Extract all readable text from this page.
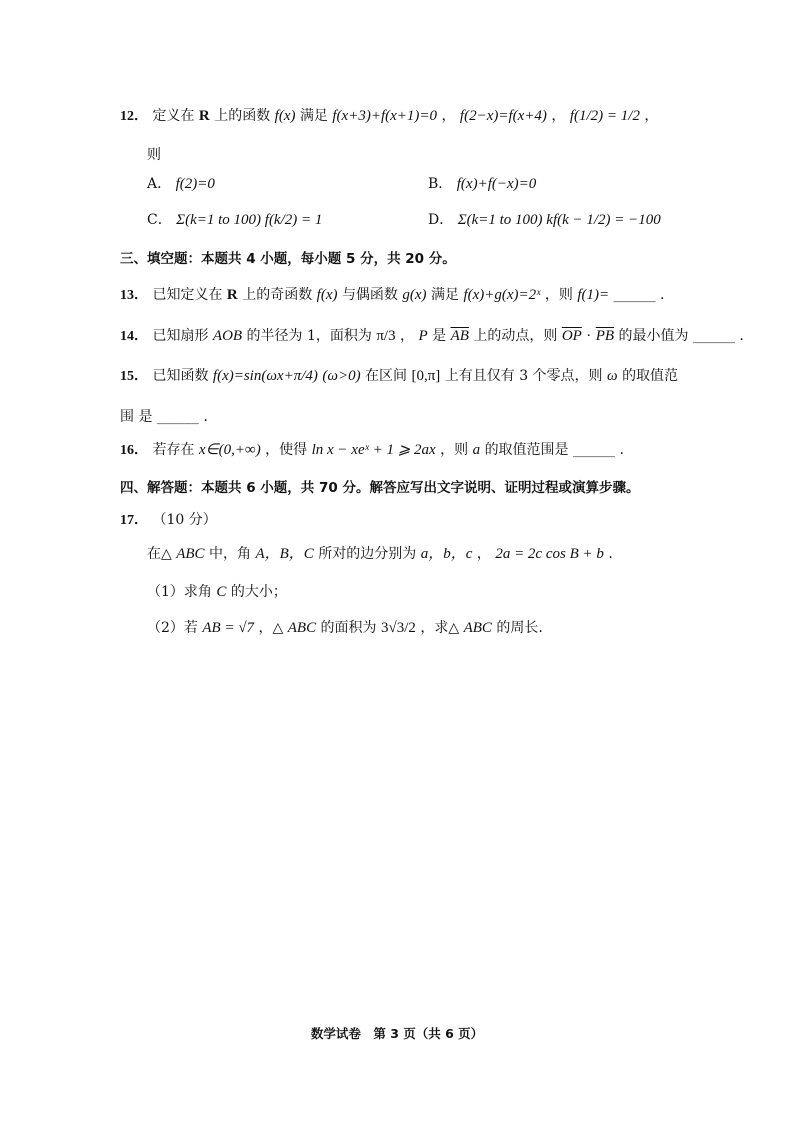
12． 定义在 R 上的函数 f(x) 满足 f(x+3)+f(x+1)=0 ， f(2−x)=f(x+4) ， f(1/2) = 1/2 ，
则
A． f(2)=0	B． f(x)+f(−x)=0
C． Σ(k=1 to 100) f(k/2) = 1	D． Σ(k=1 to 100) kf(k − 1/2) = −100
三、填空题：本题共 4 小题，每小题 5 分，共 20 分。
13． 已知定义在 R 上的奇函数 f(x) 与偶函数 g(x) 满足 f(x)+g(x)=2ˣ ，则 f(1)= ______ .
14． 已知扇形 AOB 的半径为 1，面积为 π/3 ， P 是 $\overline{AB}$ 上的动点，则 $\overline{OP} \cdot \overline{PB}$ 的最小值为 ______ .
15． 已知函数 f(x)=sin(ωx+π/4) (ω>0) 在区间 [0,π] 上有且仅有 3 个零点，则 ω 的取值范
围 是 ______ .
16． 若存在 x∈(0,+∞) ，使得 ln x − xeˣ + 1 ⩾ 2ax ，则 a 的取值范围是 ______ .
四、解答题：本题共 6 小题，共 70 分。解答应写出文字说明、证明过程或演算步骤。
17． （10 分）
在△ ABC 中，角 A，B，C 所对的边分别为 a，b，c ， 2a = 2c cos B + b .
（1）求角 C 的大小；
（2）若 AB = √7 ，△ ABC 的面积为 3√3/2 ，求△ ABC 的周长.
数学试卷　第 3 页（共 6 页）
